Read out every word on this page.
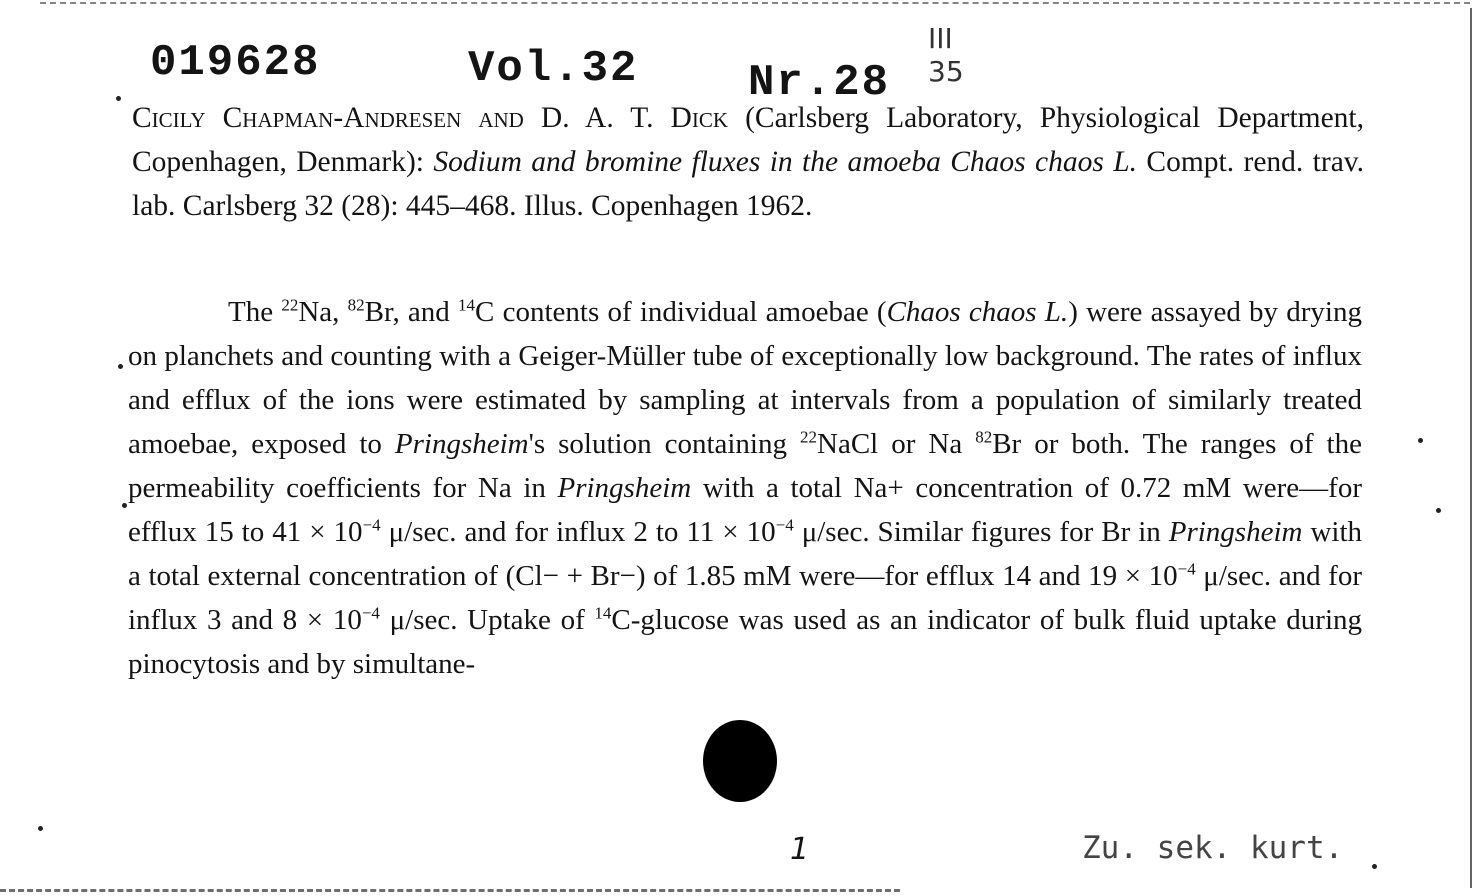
019628	Vol.32	Nr.28
III 35
Cicily Chapman-Andresen and D. A. T. Dick (Carlsberg Laboratory, Physiological Department, Copenhagen, Denmark): Sodium and bromine fluxes in the amoeba Chaos chaos L. Compt. rend. trav. lab. Carlsberg 32 (28): 445–468. Illus. Copenhagen 1962.
The $^{22}$Na, $^{82}$Br, and $^{14}$C contents of individual amoebae (Chaos chaos L.) were assayed by drying on planchets and counting with a Geiger-Müller tube of exceptionally low background. The rates of influx and efflux of the ions were estimated by sampling at intervals from a population of similarly treated amoebae, exposed to Pringsheim's solution containing $^{22}$NaCl or Na $^{82}$Br or both. The ranges of the permeability coefficients for Na in Pringsheim with a total Na+ concentration of 0.72 mM were—for efflux 15 to $41 \times 10^{-4}$ μ/sec. and for influx 2 to $11 \times 10^{-4}$ μ/sec. Similar figures for Br in Pringsheim with a total external concentration of (Cl− + Br−) of 1.85 mM were—for efflux 14 and $19 \times 10^{-4}$ μ/sec. and for influx 3 and $8 \times 10^{-4}$ μ/sec. Uptake of $^{14}$C-glucose was used as an indicator of bulk fluid uptake during pinocytosis and by simultane-
1	Zu. sek. kurt.
